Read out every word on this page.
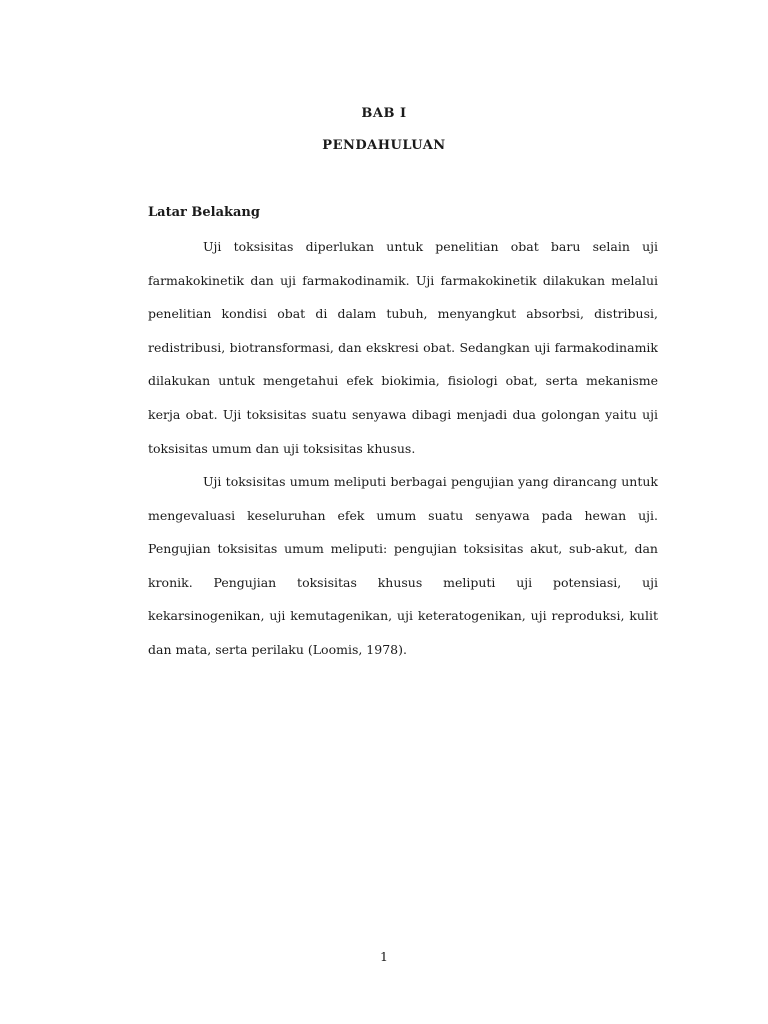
BAB I
PENDAHULUAN
Latar Belakang

Uji toksisitas diperlukan untuk penelitian obat baru selain uji farmakokinetik dan uji farmakodinamik. Uji farmakokinetik dilakukan melalui penelitian kondisi obat di dalam tubuh, menyangkut absorbsi, distribusi, redistribusi, biotransformasi, dan ekskresi obat. Sedangkan uji farmakodinamik dilakukan untuk mengetahui efek biokimia, fisiologi obat, serta mekanisme kerja obat. Uji toksisitas suatu senyawa dibagi menjadi dua golongan yaitu uji toksisitas umum dan uji toksisitas khusus.

Uji toksisitas umum meliputi berbagai pengujian yang dirancang untuk mengevaluasi keseluruhan efek umum suatu senyawa pada hewan uji. Pengujian toksisitas umum meliputi: pengujian toksisitas akut, sub-akut, dan kronik. Pengujian toksisitas khusus meliputi uji potensiasi, uji kekarsinogenikan, uji kemutagenikan, uji keteratogenikan, uji reproduksi, kulit dan mata, serta perilaku (Loomis, 1978).

1
